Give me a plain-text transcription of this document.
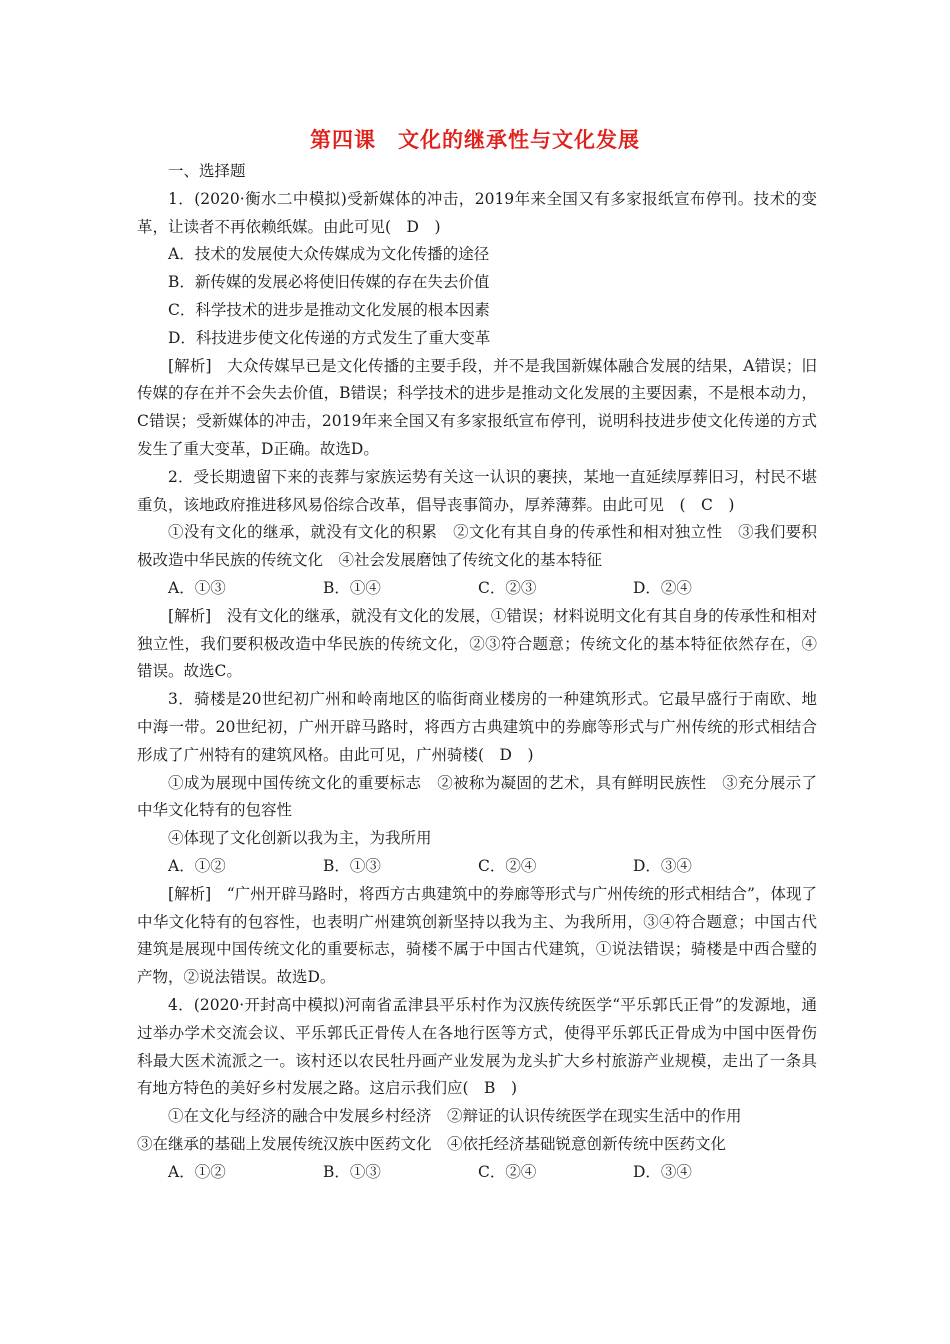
第四课　文化的继承性与文化发展

一、选择题

1．(2020·衡水二中模拟)受新媒体的冲击，2019年来全国又有多家报纸宣布停刊。技术的变革，让读者不再依赖纸媒。由此可见(　D　)

A．技术的发展使大众传媒成为文化传播的途径

B．新传媒的发展必将使旧传媒的存在失去价值

C．科学技术的进步是推动文化发展的根本因素

D．科技进步使文化传递的方式发生了重大变革

[解析]　大众传媒早已是文化传播的主要手段，并不是我国新媒体融合发展的结果，A错误；旧传媒的存在并不会失去价值，B错误；科学技术的进步是推动文化发展的主要因素，不是根本动力，C错误；受新媒体的冲击，2019年来全国又有多家报纸宣布停刊，说明科技进步使文化传递的方式发生了重大变革，D正确。故选D。

2．受长期遗留下来的丧葬与家族运势有关这一认识的裹挟，某地一直延续厚葬旧习，村民不堪重负，该地政府推进移风易俗综合改革，倡导丧事简办，厚养薄葬。由此可见　(　C　)

①没有文化的继承，就没有文化的积累　②文化有其自身的传承性和相对独立性　③我们要积极改造中华民族的传统文化　④社会发展磨蚀了传统文化的基本特征

A．①③	B．①④	C．②③	D．②④

[解析]　没有文化的继承，就没有文化的发展，①错误；材料说明文化有其自身的传承性和相对独立性，我们要积极改造中华民族的传统文化，②③符合题意；传统文化的基本特征依然存在，④错误。故选C。

3．骑楼是20世纪初广州和岭南地区的临街商业楼房的一种建筑形式。它最早盛行于南欧、地中海一带。20世纪初，广州开辟马路时，将西方古典建筑中的券廊等形式与广州传统的形式相结合形成了广州特有的建筑风格。由此可见，广州骑楼(　D　)

①成为展现中国传统文化的重要标志　②被称为凝固的艺术，具有鲜明民族性　③充分展示了中华文化特有的包容性

④体现了文化创新以我为主，为我所用

A．①②	B．①③	C．②④	D．③④

[解析]　“广州开辟马路时，将西方古典建筑中的券廊等形式与广州传统的形式相结合”，体现了中华文化特有的包容性，也表明广州建筑创新坚持以我为主、为我所用，③④符合题意；中国古代建筑是展现中国传统文化的重要标志，骑楼不属于中国古代建筑，①说法错误；骑楼是中西合璧的产物，②说法错误。故选D。

4．(2020·开封高中模拟)河南省孟津县平乐村作为汉族传统医学“平乐郭氏正骨”的发源地，通过举办学术交流会议、平乐郭氏正骨传人在各地行医等方式，使得平乐郭氏正骨成为中国中医骨伤科最大医术流派之一。该村还以农民牡丹画产业发展为龙头扩大乡村旅游产业规模，走出了一条具有地方特色的美好乡村发展之路。这启示我们应(　B　)

①在文化与经济的融合中发展乡村经济　②辩证的认识传统医学在现实生活中的作用

③在继承的基础上发展传统汉族中医药文化　④依托经济基础锐意创新传统中医药文化

A．①②	B．①③	C．②④	D．③④
